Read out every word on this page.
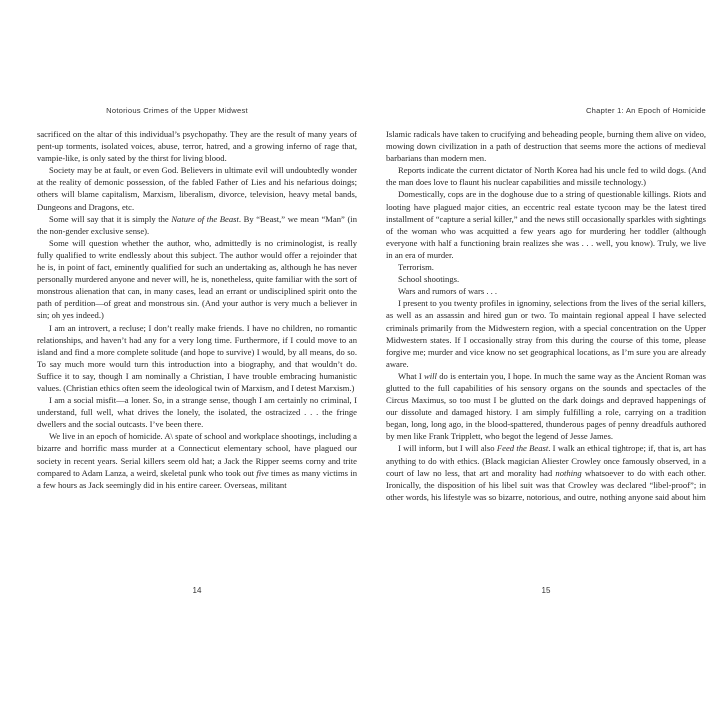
Notorious Crimes of the Upper Midwest

sacrificed on the altar of this individual’s psychopathy. They are the result of many years of pent-up torments, isolated voices, abuse, terror, hatred, and a growing inferno of rage that, vampie-like, is only sated by the thirst for living blood.

Society may be at fault, or even God. Believers in ultimate evil will undoubtedly wonder at the reality of demonic possession, of the fabled Father of Lies and his nefarious doings; others will blame capitalism, Marxism, liberalism, divorce, television, heavy metal bands, Dungeons and Dragons, etc.

Some will say that it is simply the Nature of the Beast. By “Beast,” we mean “Man” (in the non-gender exclusive sense).

Some will question whether the author, who, admittedly is no criminologist, is really fully qualified to write endlessly about this subject. The author would offer a rejoinder that he is, in point of fact, eminently qualified for such an undertaking as, although he has never personally murdered anyone and never will, he is, nonetheless, quite familiar with the sort of monstrous alienation that can, in many cases, lead an errant or undisciplined spirit onto the path of perdition—of great and monstrous sin. (And your author is very much a believer in sin; oh yes indeed.)

I am an introvert, a recluse; I don’t really make friends. I have no children, no romantic relationships, and haven’t had any for a very long time. Furthermore, if I could move to an island and find a more complete solitude (and hope to survive) I would, by all means, do so. To say much more would turn this introduction into a biography, and that wouldn’t do. Suffice it to say, though I am nominally a Christian, I have trouble embracing humanistic values. (Christian ethics often seem the ideological twin of Marxism, and I detest Marxism.)

I am a social misfit—a loner. So, in a strange sense, though I am certainly no criminal, I understand, full well, what drives the lonely, the isolated, the ostracized . . . the fringe dwellers and the social outcasts. I’ve been there.

We live in an epoch of homicide. A\ spate of school and workplace shootings, including a bizarre and horrific mass murder at a Connecticut elementary school, have plagued our society in recent years. Serial killers seem old hat; a Jack the Ripper seems corny and trite compared to Adam Lanza, a weird, skeletal punk who took out five times as many victims in a few hours as Jack seemingly did in his entire career. Overseas, militant

14
Chapter 1: An Epoch of Homicide

Islamic radicals have taken to crucifying and beheading people, burning them alive on video, mowing down civilization in a path of destruction that seems more the actions of medieval barbarians than modern men.

Reports indicate the current dictator of North Korea had his uncle fed to wild dogs. (And the man does love to flaunt his nuclear capabilities and missile technology.)

Domestically, cops are in the doghouse due to a string of questionable killings. Riots and looting have plagued major cities, an eccentric real estate tycoon may be the latest tired installment of “capture a serial killer,” and the news still occasionally sparkles with sightings of the woman who was acquitted a few years ago for murdering her toddler (although everyone with half a functioning brain realizes she was . . . well, you know). Truly, we live in an era of murder.

Terrorism.

School shootings.

Wars and rumors of wars . . .

I present to you twenty profiles in ignominy, selections from the lives of the serial killers, as well as an assassin and hired gun or two. To maintain regional appeal I have selected criminals primarily from the Midwestern region, with a special concentration on the Upper Midwestern states. If I occasionally stray from this during the course of this tome, please forgive me; murder and vice know no set geographical locations, as I’m sure you are already aware.

What I will do is entertain you, I hope. In much the same way as the Ancient Roman was glutted to the full capabilities of his sensory organs on the sounds and spectacles of the Circus Maximus, so too must I be glutted on the dark doings and depraved happenings of our dissolute and damaged history. I am simply fulfilling a role, carrying on a tradition began, long, long ago, in the blood-spattered, thunderous pages of penny dreadfuls authored by men like Frank Tripplett, who begot the legend of Jesse James.

I will inform, but I will also Feed the Beast. I walk an ethical tightrope; if, that is, art has anything to do with ethics. (Black magician Aliester Crowley once famously observed, in a court of law no less, that art and morality had nothing whatsoever to do with each other. Ironically, the disposition of his libel suit was that Crowley was declared “libel-proof”; in other words, his lifestyle was so bizarre, notorious, and outre, nothing anyone said about him

15
